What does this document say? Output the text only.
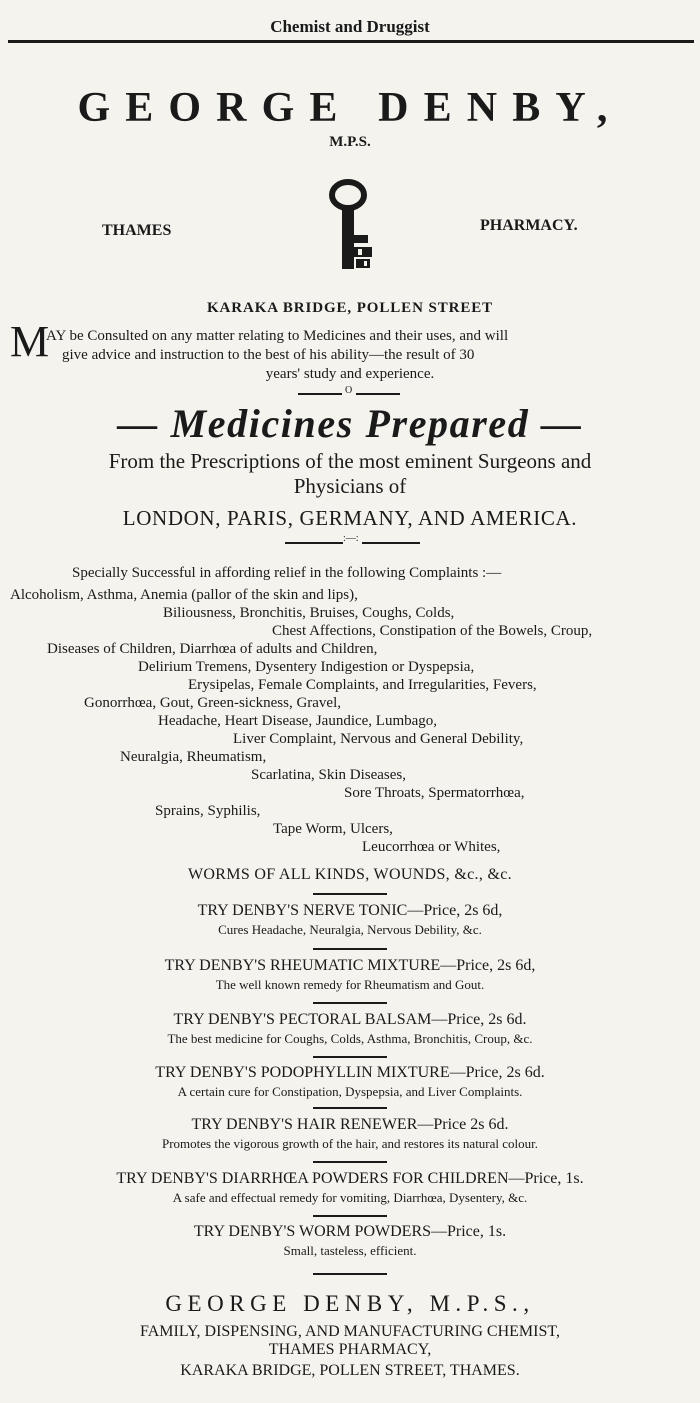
Chemist and Druggist
GEORGE DENBY,
M.P.S.
THAMES	PHARMACY.
KARAKA BRIDGE, POLLEN STREET
M
AY be Consulted on any matter relating to Medicines and their uses, and will
give advice and instruction to the best of his ability—the result of 30
years' study and experience.
O
— Medicines Prepared —
From the Prescriptions of the most eminent Surgeons and
Physicians of
LONDON, PARIS, GERMANY, AND AMERICA.
:—:
Specially Successful in affording relief in the following Complaints :—
Alcoholism, Asthma, Anemia (pallor of the skin and lips),
Biliousness, Bronchitis, Bruises, Coughs, Colds,
Chest Affections, Constipation of the Bowels, Croup,
Diseases of Children, Diarrhœa of adults and Children,
Delirium Tremens, Dysentery Indigestion or Dyspepsia,
Erysipelas, Female Complaints, and Irregularities, Fevers,
Gonorrhœa, Gout, Green-sickness, Gravel,
Headache, Heart Disease, Jaundice, Lumbago,
Liver Complaint, Nervous and General Debility,
Neuralgia, Rheumatism,
Scarlatina, Skin Diseases,
Sore Throats, Spermatorrhœa,
Sprains, Syphilis,
Tape Worm, Ulcers,
Leucorrhœa or Whites,
WORMS OF ALL KINDS, WOUNDS, &c., &c.
TRY DENBY'S NERVE TONIC—Price, 2s 6d,
Cures Headache, Neuralgia, Nervous Debility, &c.
TRY DENBY'S RHEUMATIC MIXTURE—Price, 2s 6d,
The well known remedy for Rheumatism and Gout.
TRY DENBY'S PECTORAL BALSAM—Price, 2s 6d.
The best medicine for Coughs, Colds, Asthma, Bronchitis, Croup, &c.
TRY DENBY'S PODOPHYLLIN MIXTURE—Price, 2s 6d.
A certain cure for Constipation, Dyspepsia, and Liver Complaints.
TRY DENBY'S HAIR RENEWER—Price 2s 6d.
Promotes the vigorous growth of the hair, and restores its natural colour.
TRY DENBY'S DIARRHŒA POWDERS FOR CHILDREN—Price, 1s.
A safe and effectual remedy for vomiting, Diarrhœa, Dysentery, &c.
TRY DENBY'S WORM POWDERS—Price, 1s.
Small, tasteless, efficient.
GEORGE DENBY, M.P.S.,
FAMILY, DISPENSING, AND MANUFACTURING CHEMIST,
THAMES PHARMACY,
KARAKA BRIDGE, POLLEN STREET, THAMES.
